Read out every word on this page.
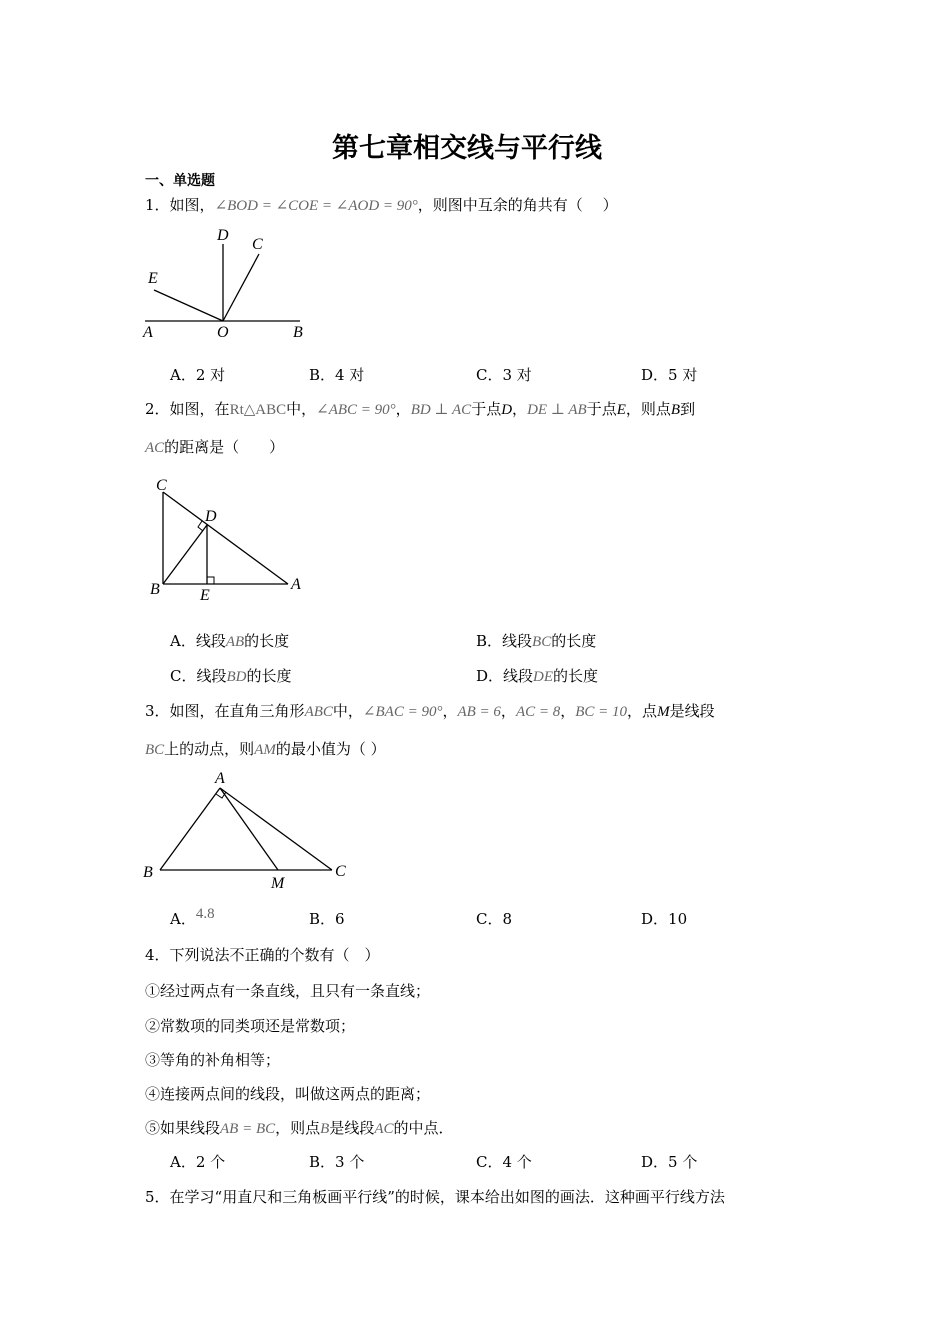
第七章相交线与平行线
一、单选题
1．如图，∠BOD = ∠COE = ∠AOD = 90°，则图中互余的角共有（　 ）
D
C
E
A	O	B
A．2 对	B．4 对	C．3 对	D．5 对
2．如图，在Rt△ABC中，∠ABC = 90°，BD ⊥ AC于点D，DE ⊥ AB于点E，则点B到
AC的距离是（　　）
C
D
B	E
A
A．线段AB的长度	B．线段BC的长度
C．线段BD的长度	D．线段DE的长度
3．如图，在直角三角形ABC中，∠BAC = 90°，AB = 6，AC = 8，BC = 10，点M是线段
BC上的动点，则AM的最小值为（ ）
A
B
M
C
A．4.8	B．6	C．8	D．10
4．下列说法不正确的个数有（　）
①经过两点有一条直线，且只有一条直线；
②常数项的同类项还是常数项；
③等角的补角相等；
④连接两点间的线段，叫做这两点的距离；
⑤如果线段AB = BC，则点B是线段AC的中点．
A．2 个	B．3 个	C．4 个	D．5 个
5．在学习“用直尺和三角板画平行线”的时候，课本给出如图的画法．这种画平行线方法
